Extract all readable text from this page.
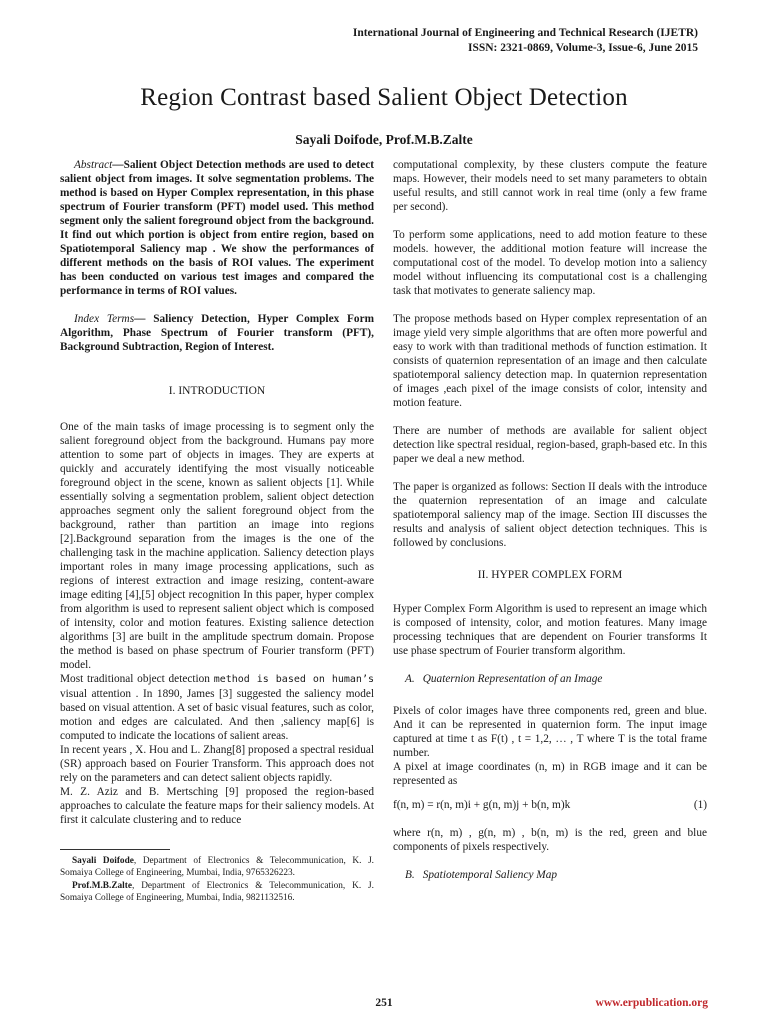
International Journal of Engineering and Technical Research (IJETR)
ISSN: 2321-0869, Volume-3, Issue-6, June 2015
Region Contrast based Salient Object Detection
Sayali Doifode, Prof.M.B.Zalte

Abstract—Salient Object Detection methods are used to detect salient object from images. It solve segmentation problems. The method is based on Hyper Complex representation, in this phase spectrum of Fourier transform (PFT) model used. This method segment only the salient foreground object from the background. It find out which portion is object from entire region, based on Spatiotemporal Saliency map . We show the performances of different methods on the basis of ROI values. The experiment has been conducted on various test images and compared the performance in terms of ROI values.

Index Terms— Saliency Detection, Hyper Complex Form Algorithm, Phase Spectrum of Fourier transform (PFT), Background Subtraction, Region of Interest.

I. INTRODUCTION

One of the main tasks of image processing is to segment only the salient foreground object from the background. Humans pay more attention to some part of objects in images. They are experts at quickly and accurately identifying the most visually noticeable foreground object in the scene, known as salient objects [1]. While essentially solving a segmentation problem, salient object detection approaches segment only the salient foreground object from the background, rather than partition an image into regions [2].Background separation from the images is the one of the challenging task in the machine application. Saliency detection plays important roles in many image processing applications, such as regions of interest extraction and image resizing, content-aware image editing [4],[5] object recognition In this paper, hyper complex from algorithm is used to represent salient object which is composed of intensity, color and motion features. Existing salience detection algorithms [3] are built in the amplitude spectrum domain. Propose the method is based on phase spectrum of Fourier transform (PFT) model.

Most traditional object detection method is based on human’s visual attention . In 1890, James [3] suggested the saliency model based on visual attention. A set of basic visual features, such as color, motion and edges are calculated. And then ,saliency map[6] is computed to indicate the locations of salient areas.

In recent years , X. Hou and L. Zhang[8] proposed a spectral residual (SR) approach based on Fourier Transform. This approach does not rely on the parameters and can detect salient objects rapidly.

M. Z. Aziz and B. Mertsching [9] proposed the region-based approaches to calculate the feature maps for their saliency models. At first it calculate clustering and to reduce

Sayali Doifode, Department of Electronics & Telecommunication, K. J. Somaiya College of Engineering, Mumbai, India, 9765326223.

Prof.M.B.Zalte, Department of Electronics & Telecommunication, K. J. Somaiya College of Engineering, Mumbai, India, 9821132516.

computational complexity, by these clusters compute the feature maps. However, their models need to set many parameters to obtain useful results, and still cannot work in real time (only a few frame per second).

To perform some applications, need to add motion feature to these models. however, the additional motion feature will increase the computational cost of the model. To develop motion into a saliency model without influencing its computational cost is a challenging task that motivates to generate saliency map.

The propose methods based on Hyper complex representation of an image yield very simple algorithms that are often more powerful and easy to work with than traditional methods of function estimation. It consists of quaternion representation of an image and then calculate spatiotemporal saliency detection map. In quaternion representation of images ,each pixel of the image consists of color, intensity and motion feature.

There are number of methods are available for salient object detection like spectral residual, region-based, graph-based etc. In this paper we deal a new method.

The paper is organized as follows: Section II deals with the introduce the quaternion representation of an image and calculate spatiotemporal saliency map of the image. Section III discusses the results and analysis of salient object detection techniques. This is followed by conclusions.

II. HYPER COMPLEX FORM

Hyper Complex Form Algorithm is used to represent an image which is composed of intensity, color, and motion features. Many image processing techniques that are dependent on Fourier transforms It use phase spectrum of Fourier transform algorithm.

A. Quaternion Representation of an Image

Pixels of color images have three components red, green and blue. And it can be represented in quaternion form. The input image captured at time t as F(t) , t = 1,2, … , T where T is the total frame number.

A pixel at image coordinates (n, m) in RGB image and it can be represented as

f(n, m) = r(n, m)i + g(n, m)j + b(n, m)k	(1)

where r(n, m) , g(n, m) , b(n, m) is the red, green and blue components of pixels respectively.

B. Spatiotemporal Saliency Map
251	www.erpublication.org
